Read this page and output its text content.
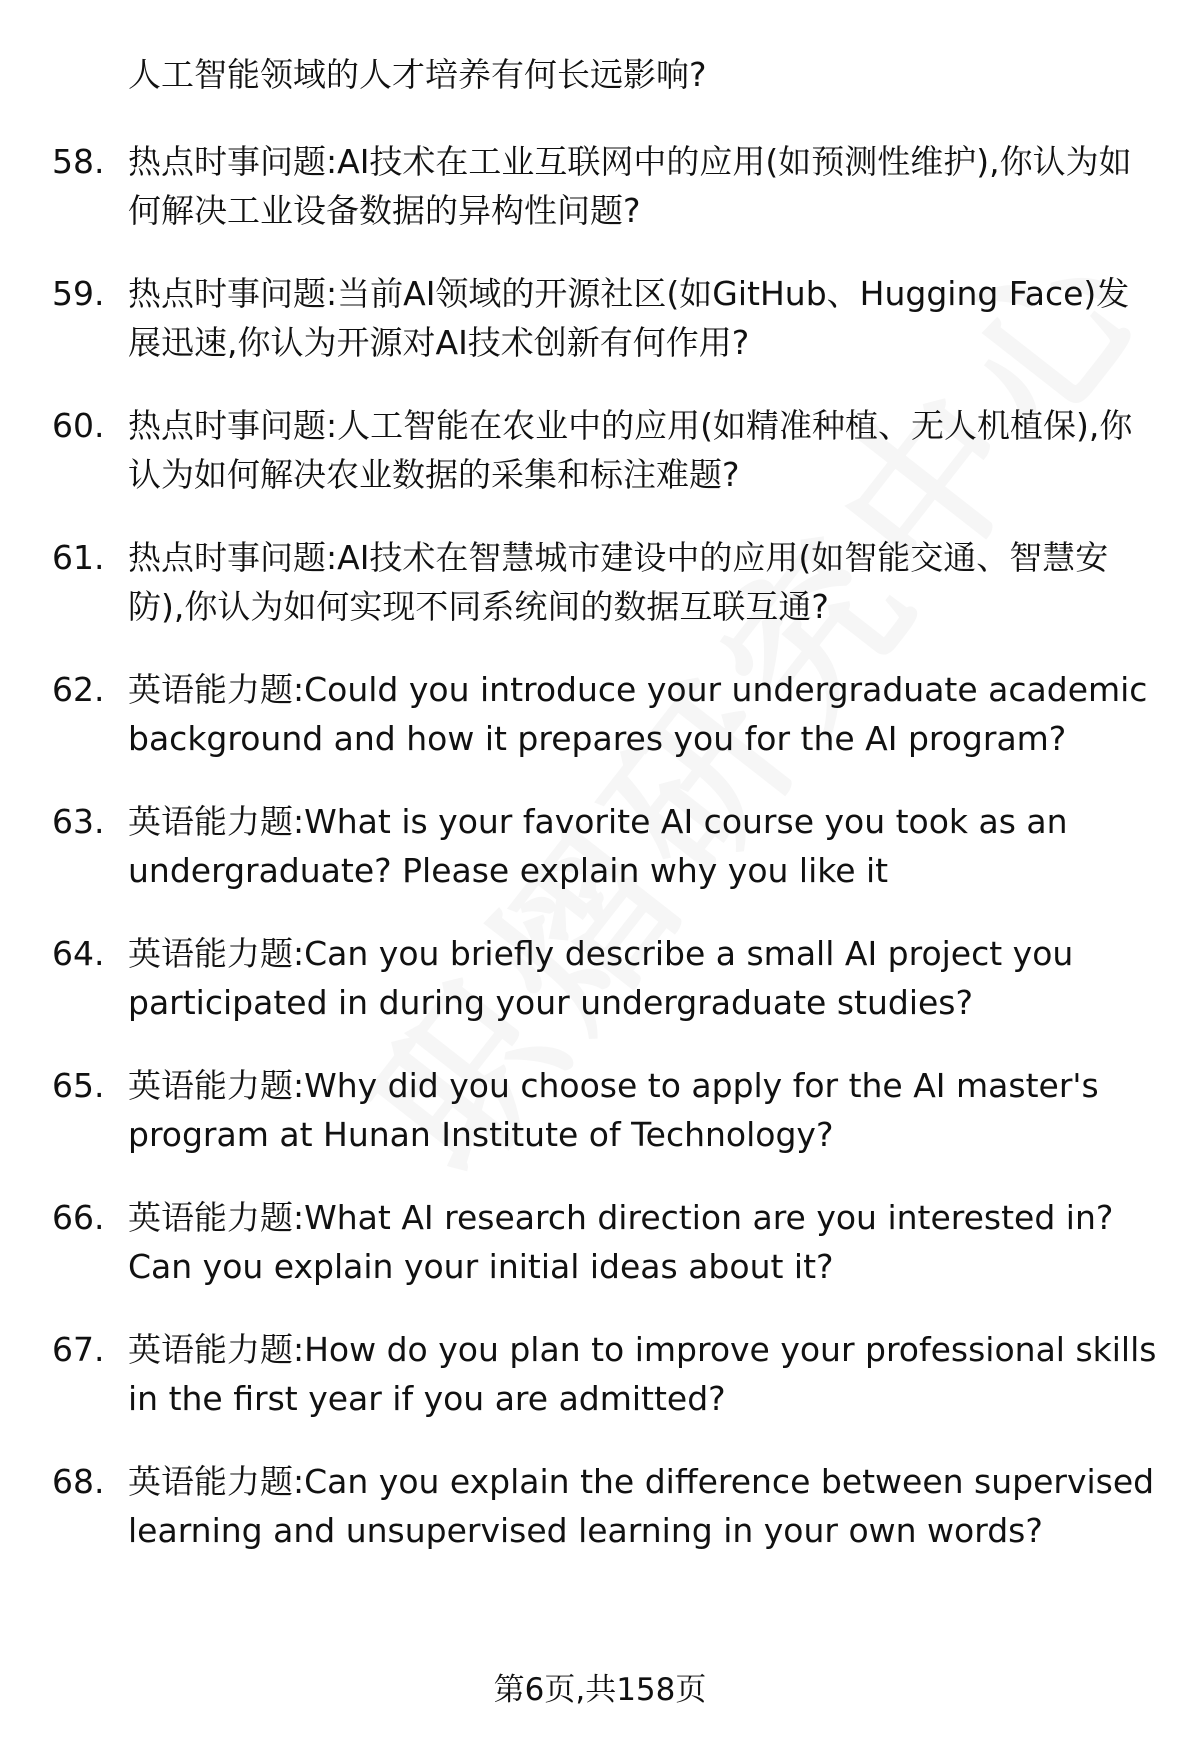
人工智能领域的人才培养有何长远影响?
58. 热点时事问题:AI技术在工业互联网中的应用(如预测性维护),你认为如何解决工业设备数据的异构性问题?
59. 热点时事问题:当前AI领域的开源社区(如GitHub、Hugging Face)发展迅速,你认为开源对AI技术创新有何作用?
60. 热点时事问题:人工智能在农业中的应用(如精准种植、无人机植保),你认为如何解决农业数据的采集和标注难题?
61. 热点时事问题:AI技术在智慧城市建设中的应用(如智能交通、智慧安防),你认为如何实现不同系统间的数据互联互通?
62. 英语能力题:Could you introduce your undergraduate academic background and how it prepares you for the AI program?
63. 英语能力题:What is your favorite AI course you took as an undergraduate? Please explain why you like it
64. 英语能力题:Can you briefly describe a small AI project you participated in during your undergraduate studies?
65. 英语能力题:Why did you choose to apply for the AI master's program at Hunan Institute of Technology?
66. 英语能力题:What AI research direction are you interested in? Can you explain your initial ideas about it?
67. 英语能力题:How do you plan to improve your professional skills in the first year if you are admitted?
68. 英语能力题:Can you explain the difference between supervised learning and unsupervised learning in your own words?
第6页,共158页
